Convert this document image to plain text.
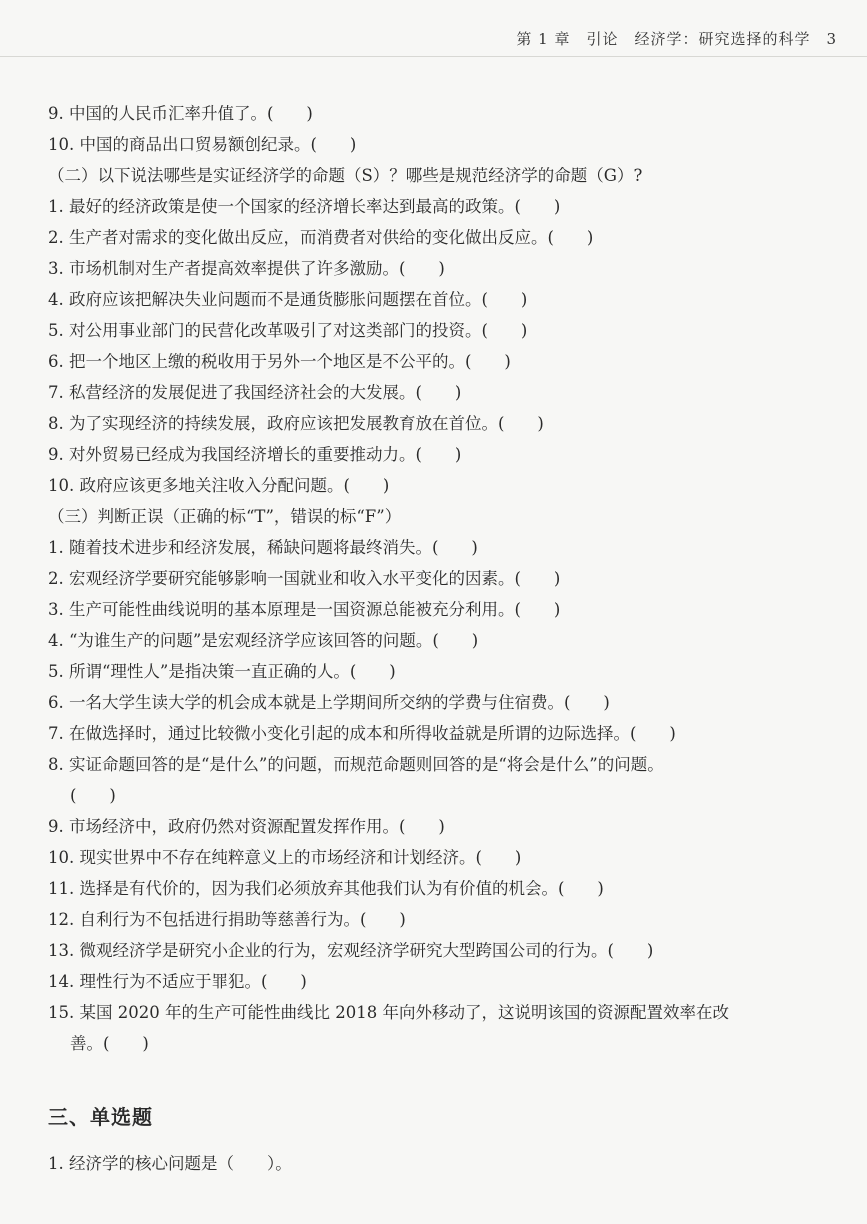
第 1 章　引论　经济学：研究选择的科学 3
9. 中国的人民币汇率升值了。(　　)
10. 中国的商品出口贸易额创纪录。(　　)
（二）以下说法哪些是实证经济学的命题（S）？哪些是规范经济学的命题（G）?
1. 最好的经济政策是使一个国家的经济增长率达到最高的政策。(　　)
2. 生产者对需求的变化做出反应，而消费者对供给的变化做出反应。(　　)
3. 市场机制对生产者提高效率提供了许多激励。(　　)
4. 政府应该把解决失业问题而不是通货膨胀问题摆在首位。(　　)
5. 对公用事业部门的民营化改革吸引了对这类部门的投资。(　　)
6. 把一个地区上缴的税收用于另外一个地区是不公平的。(　　)
7. 私营经济的发展促进了我国经济社会的大发展。(　　)
8. 为了实现经济的持续发展，政府应该把发展教育放在首位。(　　)
9. 对外贸易已经成为我国经济增长的重要推动力。(　　)
10. 政府应该更多地关注收入分配问题。(　　)
（三）判断正误（正确的标“T”，错误的标“F”）
1. 随着技术进步和经济发展，稀缺问题将最终消失。(　　)
2. 宏观经济学要研究能够影响一国就业和收入水平变化的因素。(　　)
3. 生产可能性曲线说明的基本原理是一国资源总能被充分利用。(　　)
4. “为谁生产的问题”是宏观经济学应该回答的问题。(　　)
5. 所谓“理性人”是指决策一直正确的人。(　　)
6. 一名大学生读大学的机会成本就是上学期间所交纳的学费与住宿费。(　　)
7. 在做选择时，通过比较微小变化引起的成本和所得收益就是所谓的边际选择。(　　)
8. 实证命题回答的是“是什么”的问题，而规范命题则回答的是“将会是什么”的问题。
(　　)
9. 市场经济中，政府仍然对资源配置发挥作用。(　　)
10. 现实世界中不存在纯粹意义上的市场经济和计划经济。(　　)
11. 选择是有代价的，因为我们必须放弃其他我们认为有价值的机会。(　　)
12. 自利行为不包括进行捐助等慈善行为。(　　)
13. 微观经济学是研究小企业的行为，宏观经济学研究大型跨国公司的行为。(　　)
14. 理性行为不适应于罪犯。(　　)
15. 某国 2020 年的生产可能性曲线比 2018 年向外移动了，这说明该国的资源配置效率在改
善。(　　)
三、单选题
1. 经济学的核心问题是（　　）。
